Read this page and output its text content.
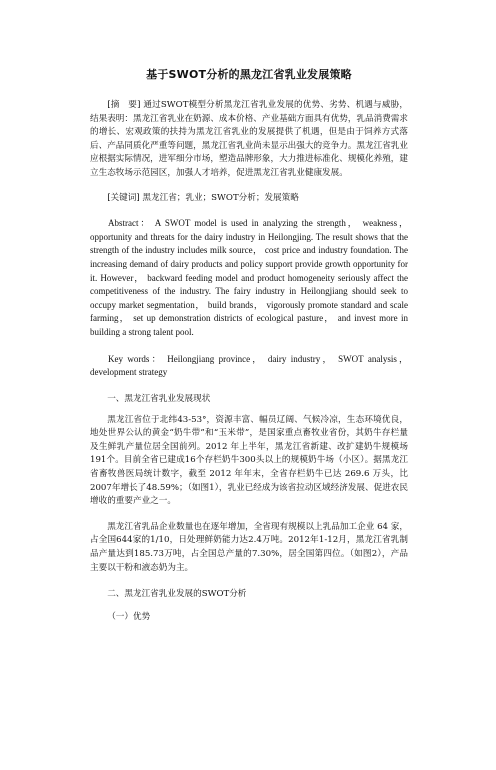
基于SWOT分析的黑龙江省乳业发展策略
[摘　要] 通过SWOT模型分析黑龙江省乳业发展的优势、劣势、机遇与威胁，结果表明：黑龙江省乳业在奶源、成本价格、产业基础方面具有优势，乳品消费需求的增长、宏观政策的扶持为黑龙江省乳业的发展提供了机遇，但是由于饲养方式落后、产品同质化严重等问题，黑龙江省乳业尚未显示出强大的竞争力。黑龙江省乳业应根据实际情况，进军细分市场，塑造品牌形象，大力推进标准化、规模化养殖，建立生态牧场示范园区，加强人才培养，促进黑龙江省乳业健康发展。
[关键词] 黑龙江省；乳业；SWOT分析；发展策略
Abstract： A SWOT model is used in analyzing the strength， weakness， opportunity and threats for the dairy industry in Heilongjing. The result shows that the strength of the industry includes milk source， cost price and industry foundation. The increasing demand of dairy products and policy support provide growth opportunity for it. However， backward feeding model and product homogeneity seriously affect the competitiveness of the industry. The fairy industry in Heilongjiang should seek to occupy market segmentation， build brands， vigorously promote standard and scale farming， set up demonstration districts of ecological pasture， and invest more in building a strong talent pool.
Key words： Heilongjiang province， dairy industry， SWOT analysis， development strategy
一、黑龙江省乳业发展现状
黑龙江省位于北纬43-53°，资源丰富、幅员辽阔、气候冷凉，生态环境优良，地处世界公认的黄金“奶牛带”和“玉米带”，是国家重点畜牧业省份，其奶牛存栏量及生鲜乳产量位居全国前列。2012 年上半年，黑龙江省新建、改扩建奶牛规模场191个。目前全省已建成16个存栏奶牛300头以上的规模奶牛场（小区）。据黑龙江省畜牧兽医局统计数字，截至 2012 年年末，全省存栏奶牛已达 269.6 万头，比2007年增长了48.59%；（如图1），乳业已经成为该省拉动区域经济发展、促进农民增收的重要产业之一。
黑龙江省乳品企业数量也在逐年增加，全省现有规模以上乳品加工企业 64 家，占全国644家的1/10，日处理鲜奶能力达2.4万吨。2012年1-12月，黑龙江省乳制品产量达到185.73万吨，占全国总产量的7.30%，居全国第四位。（如图2），产品主要以干粉和液态奶为主。
二、黑龙江省乳业发展的SWOT分析
（一）优势
